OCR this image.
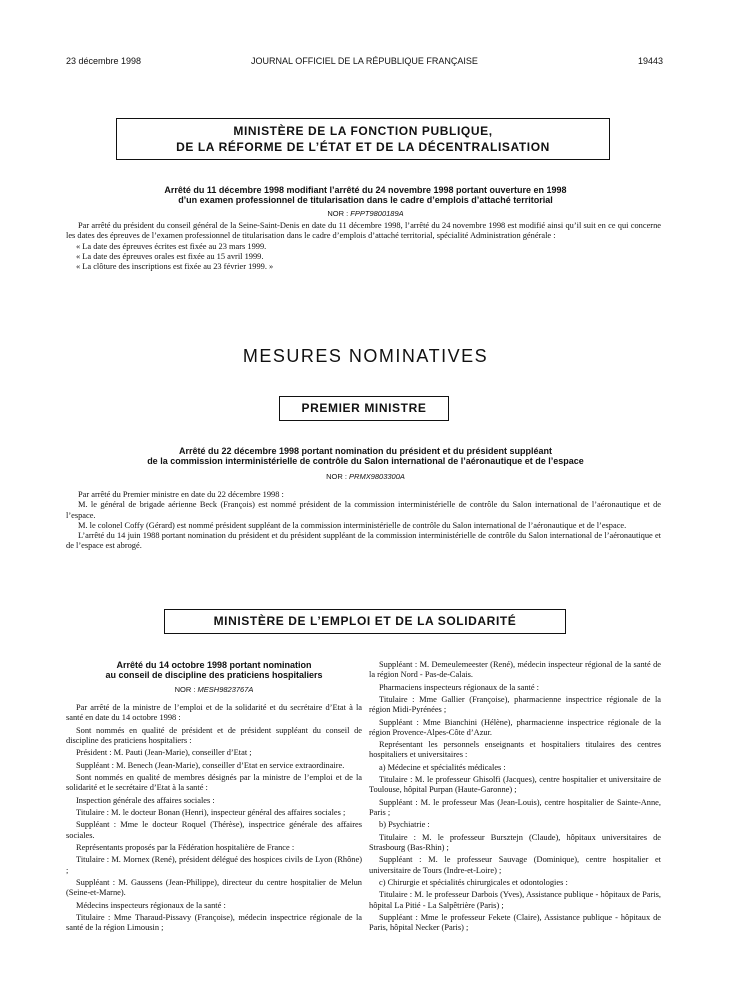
23 décembre 1998	JOURNAL OFFICIEL DE LA RÉPUBLIQUE FRANÇAISE	19443
MINISTÈRE DE LA FONCTION PUBLIQUE,
DE LA RÉFORME DE L’ÉTAT ET DE LA DÉCENTRALISATION
Arrêté du 11 décembre 1998 modifiant l’arrêté du 24 novembre 1998 portant ouverture en 1998
d’un examen professionnel de titularisation dans le cadre d’emplois d’attaché territorial
NOR : FPPT9800189A

Par arrêté du président du conseil général de la Seine-Saint-Denis en date du 11 décembre 1998, l’arrêté du 24 novembre 1998 est modifié ainsi qu’il suit en ce qui concerne les dates des épreuves de l’examen professionnel de titularisation dans le cadre d’emplois d’attaché territorial, spécialité Administration générale :

« La date des épreuves écrites est fixée au 23 mars 1999.

« La date des épreuves orales est fixée au 15 avril 1999.

« La clôture des inscriptions est fixée au 23 février 1999. »

MESURES NOMINATIVES
PREMIER MINISTRE
Arrêté du 22 décembre 1998 portant nomination du président et du président suppléant
de la commission interministérielle de contrôle du Salon international de l’aéronautique et de l’espace
NOR : PRMX9803300A

Par arrêté du Premier ministre en date du 22 décembre 1998 :

M. le général de brigade aérienne Beck (François) est nommé président de la commission interministérielle de contrôle du Salon international de l’aéronautique et de l’espace.

M. le colonel Coffy (Gérard) est nommé président suppléant de la commission interministérielle de contrôle du Salon international de l’aéronautique et de l’espace.

L’arrêté du 14 juin 1988 portant nomination du président et du président suppléant de la commission interministérielle de contrôle du Salon international de l’aéronautique et de l’espace est abrogé.

MINISTÈRE DE L’EMPLOI ET DE LA SOLIDARITÉ
Arrêté du 14 octobre 1998 portant nomination
au conseil de discipline des praticiens hospitaliers
NOR : MESH9823767A

Par arrêté de la ministre de l’emploi et de la solidarité et du secrétaire d’Etat à la santé en date du 14 octobre 1998 :

Sont nommés en qualité de président et de président suppléant du conseil de discipline des praticiens hospitaliers :

Président : M. Pauti (Jean-Marie), conseiller d’Etat ;

Suppléant : M. Benech (Jean-Marie), conseiller d’Etat en service extraordinaire.

Sont nommés en qualité de membres désignés par la ministre de l’emploi et de la solidarité et le secrétaire d’Etat à la santé :

Inspection générale des affaires sociales :

Titulaire : M. le docteur Bonan (Henri), inspecteur général des affaires sociales ;

Suppléant : Mme le docteur Roquel (Thérèse), inspectrice générale des affaires sociales.

Représentants proposés par la Fédération hospitalière de France :

Titulaire : M. Mornex (René), président délégué des hospices civils de Lyon (Rhône) ;

Suppléant : M. Gaussens (Jean-Philippe), directeur du centre hospitalier de Melun (Seine-et-Marne).

Médecins inspecteurs régionaux de la santé :

Titulaire : Mme Tharaud-Pissavy (Françoise), médecin inspectrice régionale de la santé de la région Limousin ;

Suppléant : M. Demeulemeester (René), médecin inspecteur régional de la santé de la région Nord - Pas-de-Calais.

Pharmaciens inspecteurs régionaux de la santé :

Titulaire : Mme Gallier (Françoise), pharmacienne inspectrice régionale de la région Midi-Pyrénées ;

Suppléant : Mme Bianchini (Hélène), pharmacienne inspectrice régionale de la région Provence-Alpes-Côte d’Azur.

Représentant les personnels enseignants et hospitaliers titulaires des centres hospitaliers et universitaires :

a) Médecine et spécialités médicales :

Titulaire : M. le professeur Ghisolfi (Jacques), centre hospitalier et universitaire de Toulouse, hôpital Purpan (Haute-Garonne) ;

Suppléant : M. le professeur Mas (Jean-Louis), centre hospitalier de Sainte-Anne, Paris ;

b) Psychiatrie :

Titulaire : M. le professeur Bursztejn (Claude), hôpitaux universitaires de Strasbourg (Bas-Rhin) ;

Suppléant : M. le professeur Sauvage (Dominique), centre hospitalier et universitaire de Tours (Indre-et-Loire) ;

c) Chirurgie et spécialités chirurgicales et odontologies :

Titulaire : M. le professeur Darbois (Yves), Assistance publique - hôpitaux de Paris, hôpital La Pitié - La Salpêtrière (Paris) ;

Suppléant : Mme le professeur Fekete (Claire), Assistance publique - hôpitaux de Paris, hôpital Necker (Paris) ;
